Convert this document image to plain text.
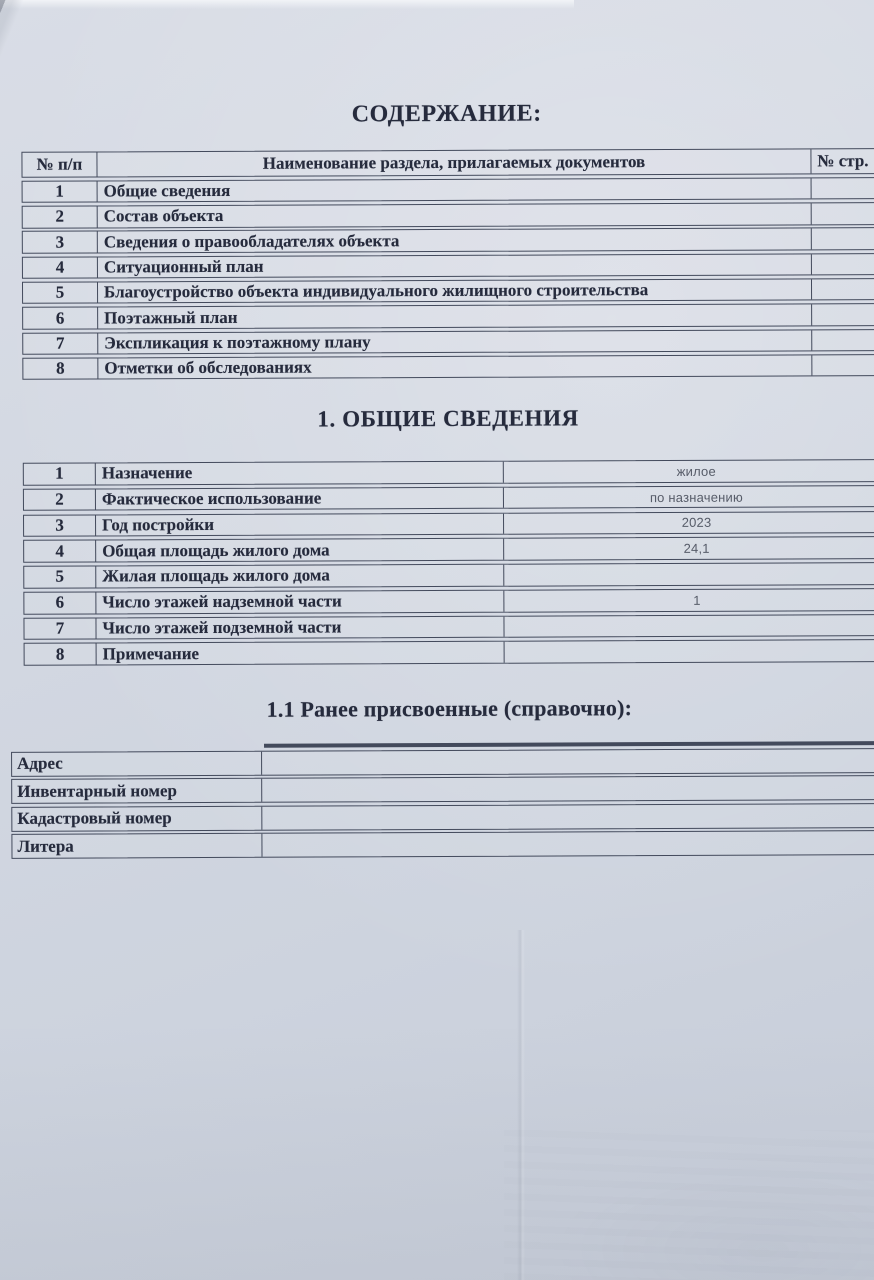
СОДЕРЖАНИЕ:
№ п/п	Наименование раздела, прилагаемых документов	№ стр.
1	Общие сведения
2	Состав объекта
3	Сведения о правообладателях объекта
4	Ситуационный план
5	Благоустройство объекта индивидуального жилищного строительства
6	Поэтажный план
7	Экспликация к поэтажному плану
8	Отметки об обследованиях
1. ОБЩИЕ СВЕДЕНИЯ
1	Назначение	жилое
2	Фактическое использование	по назначению
3	Год постройки	2023
4	Общая площадь жилого дома	24,1
5	Жилая площадь жилого дома
6	Число этажей надземной части	1
7	Число этажей подземной части
8	Примечание
1.1 Ранее присвоенные (справочно):
Адрес
Инвентарный номер
Кадастровый номер
Литера
